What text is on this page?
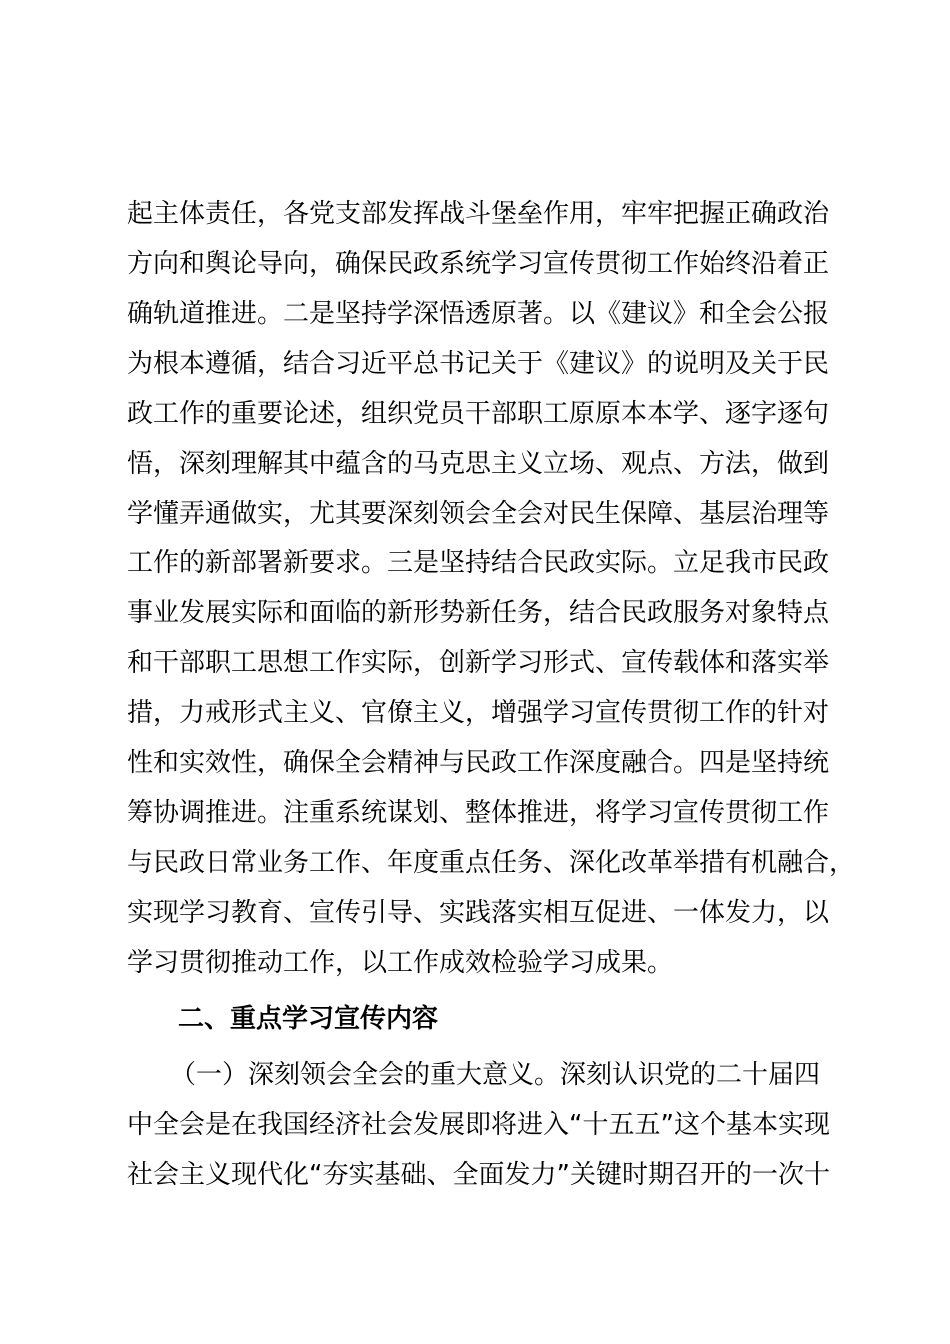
起主体责任，各党支部发挥战斗堡垒作用，牢牢把握正确政治
方向和舆论导向，确保民政系统学习宣传贯彻工作始终沿着正
确轨道推进。二是坚持学深悟透原著。以《建议》和全会公报
为根本遵循，结合习近平总书记关于《建议》的说明及关于民
政工作的重要论述，组织党员干部职工原原本本学、逐字逐句
悟，深刻理解其中蕴含的马克思主义立场、观点、方法，做到
学懂弄通做实，尤其要深刻领会全会对民生保障、基层治理等
工作的新部署新要求。三是坚持结合民政实际。立足我市民政
事业发展实际和面临的新形势新任务，结合民政服务对象特点
和干部职工思想工作实际，创新学习形式、宣传载体和落实举
措，力戒形式主义、官僚主义，增强学习宣传贯彻工作的针对
性和实效性，确保全会精神与民政工作深度融合。四是坚持统
筹协调推进。注重系统谋划、整体推进，将学习宣传贯彻工作
与民政日常业务工作、年度重点任务、深化改革举措有机融合，
实现学习教育、宣传引导、实践落实相互促进、一体发力，以
学习贯彻推动工作，以工作成效检验学习成果。
二、重点学习宣传内容
（一）深刻领会全会的重大意义。深刻认识党的二十届四
中全会是在我国经济社会发展即将进入“十五五”这个基本实现
社会主义现代化“夯实基础、全面发力”关键时期召开的一次十
